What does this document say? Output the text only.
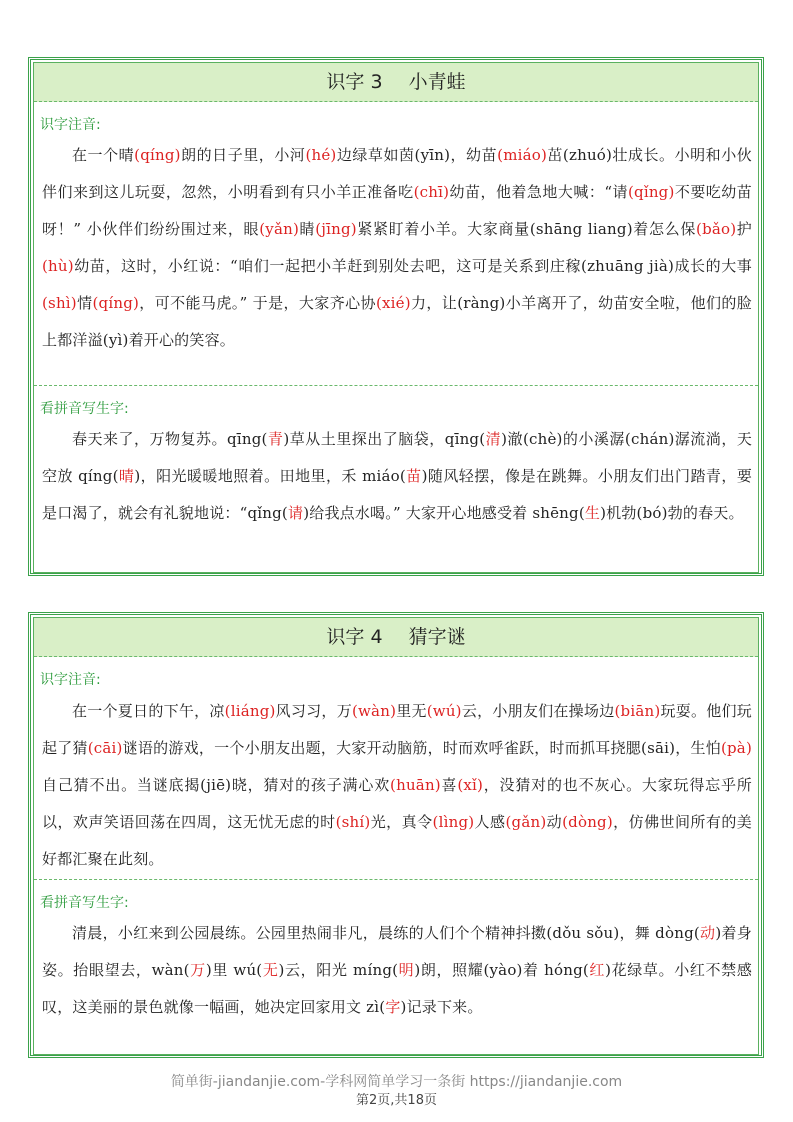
识字 3 小青蛙
识字注音:

在一个晴(qíng)朗的日子里，小河(hé)边绿草如茵(yīn)，幼苗(miáo)茁(zhuó)壮成长。小明和小伙伴们来到这儿玩耍，忽然，小明看到有只小羊正准备吃(chī)幼苗，他着急地大喊：“请(qǐng)不要吃幼苗呀！” 小伙伴们纷纷围过来，眼(yǎn)睛(jīng)紧紧盯着小羊。大家商量(shāng liang)着怎么保(bǎo)护(hù)幼苗，这时，小红说：“咱们一起把小羊赶到别处去吧，这可是关系到庄稼(zhuāng jià)成长的大事(shì)情(qíng)，可不能马虎。” 于是，大家齐心协(xié)力，让(ràng)小羊离开了，幼苗安全啦，他们的脸上都洋溢(yì)着开心的笑容。

看拼音写生字:

春天来了，万物复苏。qīng(青)草从土里探出了脑袋，qīng(清)澈(chè)的小溪潺(chán)潺流淌，天空放 qíng(晴)，阳光暖暖地照着。田地里，禾 miáo(苗)随风轻摆，像是在跳舞。小朋友们出门踏青，要是口渴了，就会有礼貌地说：“qǐng(请)给我点水喝。” 大家开心地感受着 shēng(生)机勃(bó)勃的春天。

识字 4 猜字谜
识字注音:

在一个夏日的下午，凉(liáng)风习习，万(wàn)里无(wú)云，小朋友们在操场边(biān)玩耍。他们玩起了猜(cāi)谜语的游戏，一个小朋友出题，大家开动脑筋，时而欢呼雀跃，时而抓耳挠腮(sāi)，生怕(pà)自己猜不出。当谜底揭(jiē)晓，猜对的孩子满心欢(huān)喜(xǐ)，没猜对的也不灰心。大家玩得忘乎所以，欢声笑语回荡在四周，这无忧无虑的时(shí)光，真令(lìng)人感(gǎn)动(dòng)，仿佛世间所有的美好都汇聚在此刻。

看拼音写生字:

清晨，小红来到公园晨练。公园里热闹非凡，晨练的人们个个精神抖擞(dǒu sǒu)，舞 dòng(动)着身姿。抬眼望去，wàn(万)里 wú(无)云，阳光 míng(明)朗，照耀(yào)着 hóng(红)花绿草。小红不禁感叹，这美丽的景色就像一幅画，她决定回家用文 zì(字)记录下来。

简单街-jiandanjie.com-学科网简单学习一条街 https://jiandanjie.com
第2页,共18页
